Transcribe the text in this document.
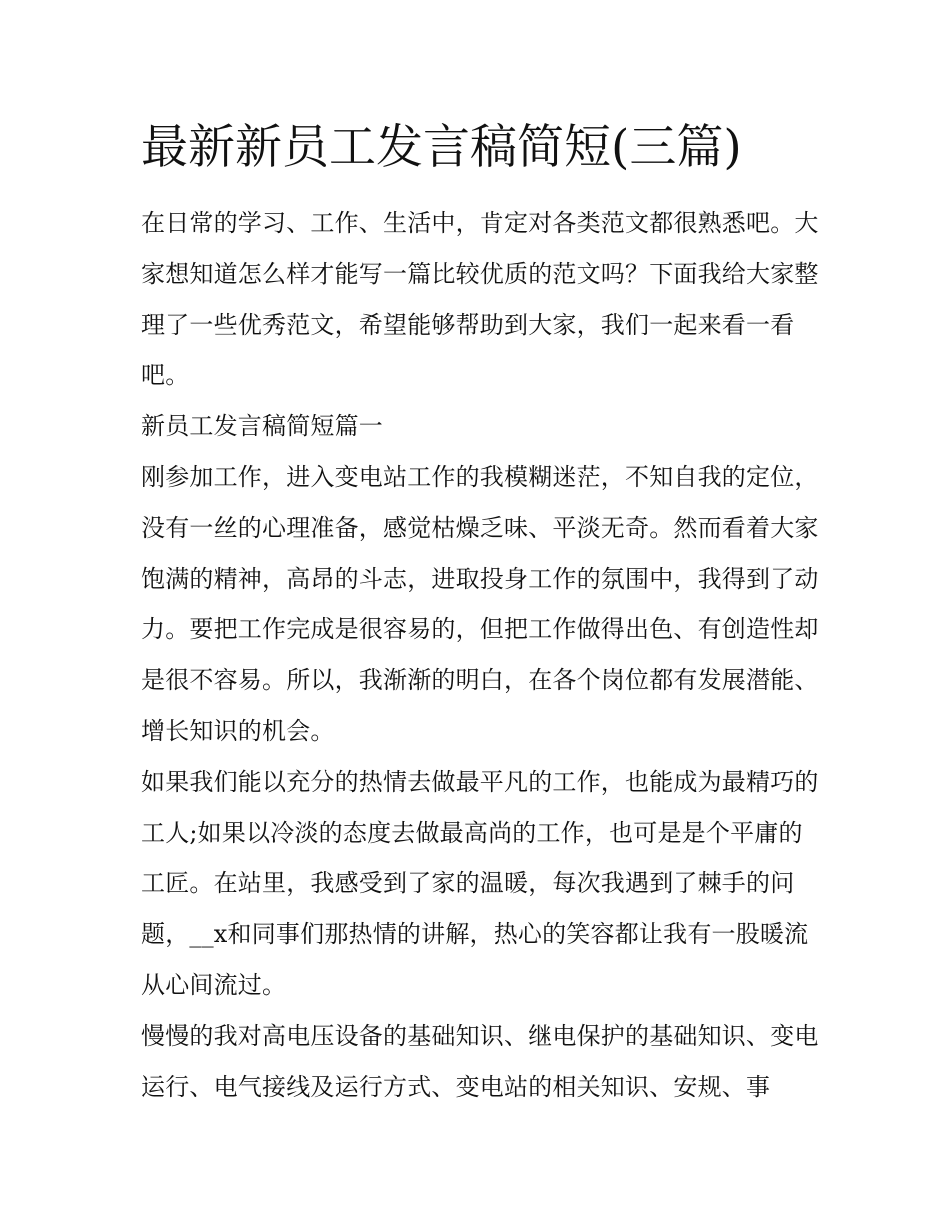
最新新员工发言稿简短(三篇)

在日常的学习、工作、生活中，肯定对各类范文都很熟悉吧。大家想知道怎么样才能写一篇比较优质的范文吗？下面我给大家整理了一些优秀范文，希望能够帮助到大家，我们一起来看一看吧。

新员工发言稿简短篇一

刚参加工作，进入变电站工作的我模糊迷茫，不知自我的定位，没有一丝的心理准备，感觉枯燥乏味、平淡无奇。然而看着大家饱满的精神，高昂的斗志，进取投身工作的氛围中，我得到了动力。要把工作完成是很容易的，但把工作做得出色、有创造性却是很不容易。所以，我渐渐的明白，在各个岗位都有发展潜能、增长知识的机会。

如果我们能以充分的热情去做最平凡的工作，也能成为最精巧的工人;如果以冷淡的态度去做最高尚的工作，也可是是个平庸的工匠。在站里，我感受到了家的温暖，每次我遇到了棘手的问题，__x和同事们那热情的讲解，热心的笑容都让我有一股暖流从心间流过。

慢慢的我对高电压设备的基础知识、继电保护的基础知识、变电运行、电气接线及运行方式、变电站的相关知识、安规、事
